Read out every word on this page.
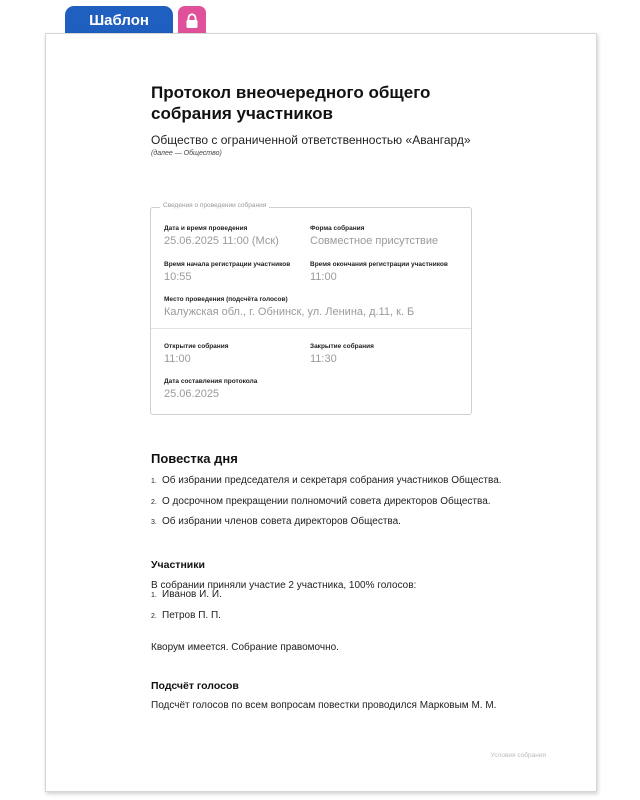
Шаблон
Протокол внеочередного общего собрания участников
Общество с ограниченной ответственностью «Авангард»
(далее — Общество)
Сведения о проведении собрания
Дата и время проведения
25.06.2025 11:00 (Мск)
Форма собрания
Совместное присутствие
Время начала регистрации участников
10:55
Время окончания регистрации участников
11:00
Место проведения (подсчёта голосов)
Калужская обл., г. Обнинск, ул. Ленина, д.11, к. Б
Открытие собрания
11:00
Закрытие собрания
11:30
Дата составления протокола
25.06.2025
Повестка дня
1. Об избрании председателя и секретаря собрания участников Общества.
2. О досрочном прекращении полномочий совета директоров Общества.
3. Об избрании членов совета директоров Общества.
Участники
В собрании приняли участие 2 участника, 100% голосов:
1. Иванов И. И.
2. Петров П. П.
Кворум имеется. Собрание правомочно.
Подсчёт голосов
Подсчёт голосов по всем вопросам повестки проводился Марковым М. М.
Условия собрания
